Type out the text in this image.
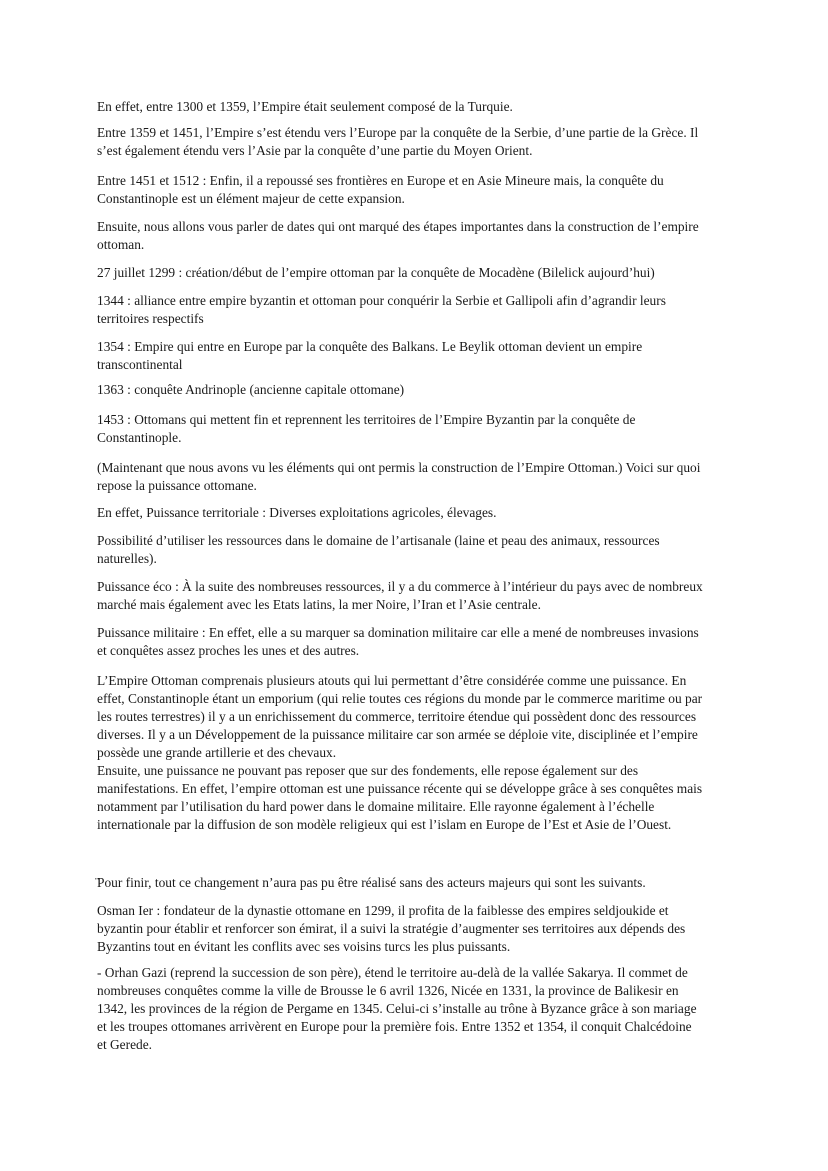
En effet, entre 1300 et 1359, l’Empire était seulement composé de la Turquie.

Entre 1359 et 1451, l’Empire s’est étendu vers l’Europe par la conquête de la Serbie, d’une partie de la Grèce. Il
s’est également étendu vers l’Asie par la conquête d’une partie du Moyen Orient.

Entre 1451 et 1512 : Enfin, il a repoussé ses frontières en Europe et en Asie Mineure mais, la conquête du
Constantinople est un élément majeur de cette expansion.

Ensuite, nous allons vous parler de dates qui ont marqué des étapes importantes dans la construction de l’empire
ottoman.

27 juillet 1299 : création/début de l’empire ottoman par la conquête de Mocadène (Bilelick aujourd’hui)

1344 : alliance entre empire byzantin et ottoman pour conquérir la Serbie et Gallipoli afin d’agrandir leurs
territoires respectifs

1354 : Empire qui entre en Europe par la conquête des Balkans. Le Beylik ottoman devient un empire
transcontinental

1363 : conquête Andrinople (ancienne capitale ottomane)

1453 : Ottomans qui mettent fin et reprennent les territoires de l’Empire Byzantin par la conquête de
Constantinople.

(Maintenant que nous avons vu les éléments qui ont permis la construction de l’Empire Ottoman.) Voici sur quoi
repose la puissance ottomane.

En effet, Puissance territoriale : Diverses exploitations agricoles, élevages.

Possibilité d’utiliser les ressources dans le domaine de l’artisanale (laine et peau des animaux, ressources
naturelles).

Puissance éco : À la suite des nombreuses ressources, il y a du commerce à l’intérieur du pays avec de nombreux
marché mais également avec les Etats latins, la mer Noire, l’Iran et l’Asie centrale.

Puissance militaire : En effet, elle a su marquer sa domination militaire car elle a mené de nombreuses invasions
et conquêtes assez proches les unes et des autres.

L’Empire Ottoman comprenais plusieurs atouts qui lui permettant d’être considérée comme une puissance. En
effet, Constantinople étant un emporium (qui relie toutes ces régions du monde par le commerce maritime ou par
les routes terrestres) il y a un enrichissement du commerce, territoire étendue qui possèdent donc des ressources
diverses. Il y a un Développement de la puissance militaire car son armée se déploie vite, disciplinée et l’empire
possède une grande artillerie et des chevaux.

Ensuite, une puissance ne pouvant pas reposer que sur des fondements, elle repose également sur des
manifestations. En effet, l’empire ottoman est une puissance récente qui se développe grâce à ses conquêtes mais
notamment par l’utilisation du hard power dans le domaine militaire. Elle rayonne également à l’échelle
internationale par la diffusion de son modèle religieux qui est l’islam en Europe de l’Est et Asie de l’Ouest.

̈Pour finir, tout ce changement n’aura pas pu être réalisé sans des acteurs majeurs qui sont les suivants.

Osman Ier : fondateur de la dynastie ottomane en 1299, il profita de la faiblesse des empires seldjoukide et
byzantin pour établir et renforcer son émirat, il a suivi la stratégie d’augmenter ses territoires aux dépends des
Byzantins tout en évitant les conflits avec ses voisins turcs les plus puissants.

- Orhan Gazi (reprend la succession de son père), étend le territoire au-delà de la vallée Sakarya. Il commet de
nombreuses conquêtes comme la ville de Brousse le 6 avril 1326, Nicée en 1331, la province de Balikesir en
1342, les provinces de la région de Pergame en 1345. Celui-ci s’installe au trône à Byzance grâce à son mariage
et les troupes ottomanes arrivèrent en Europe pour la première fois. Entre 1352 et 1354, il conquit Chalcédoine
et Gerede.
